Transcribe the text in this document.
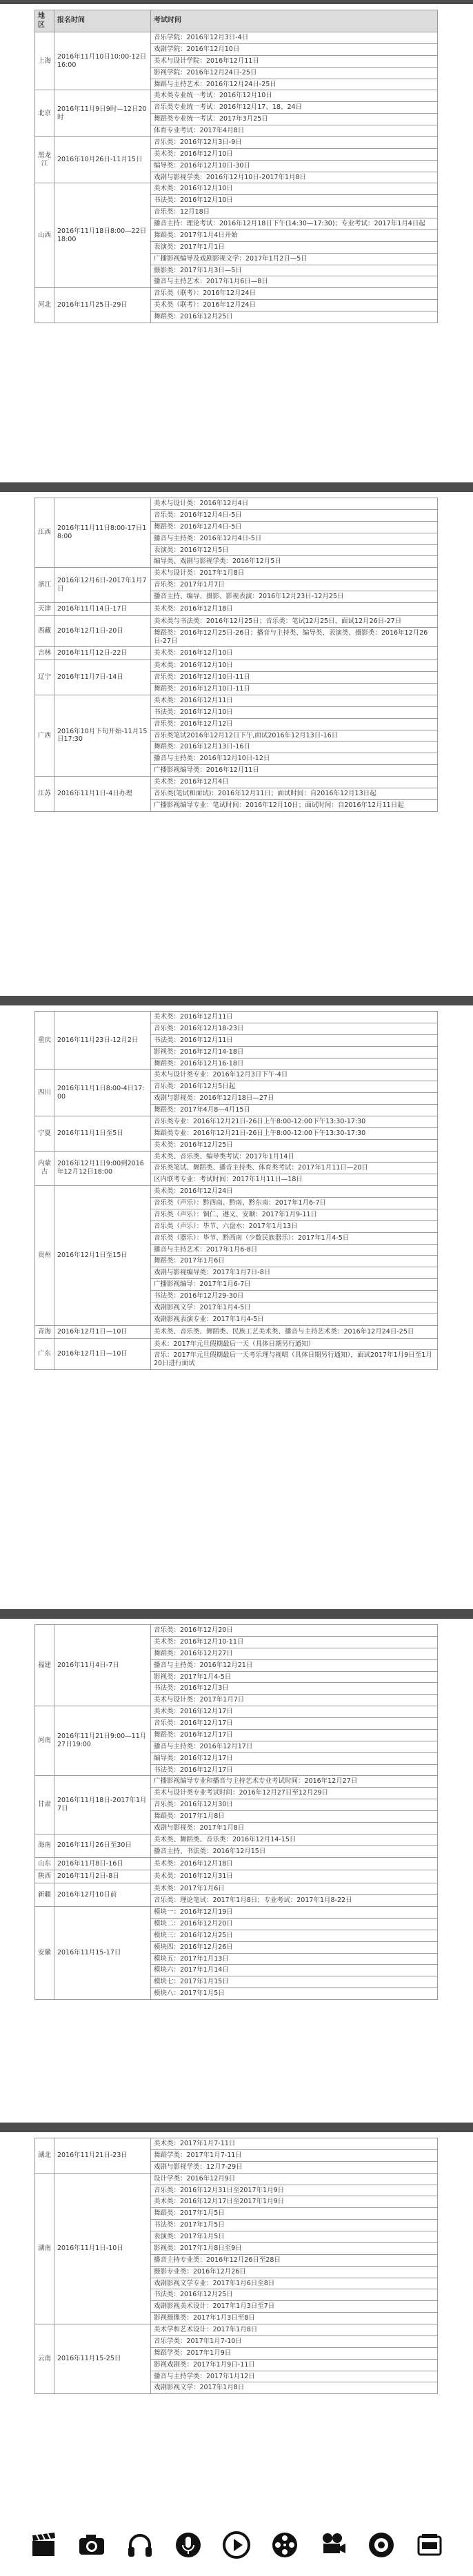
地区	报名时间	考试时间
上海	2016年11月10日10:00-12日16:00	音乐学院：2016年12月3日-4日
		戏剧学院：2016年12月10日
		美术与设计学院：2016年12月11日
		影视学院：2016年12月24日-25日
		舞蹈与主持艺术：2016年12月24日-25日
北京	2016年11月9日9时—12日20时	美术类专业统一考试：2016年12月10日
		音乐类专业统一考试：2016年12月17、18、24日
		舞蹈类专业统一考试：2017年3月25日
		体育专业考试：2017年4月8日
黑龙江	2016年10月26日-11月15日	音乐类：2016年12月3日-9日
		美术类：2016年12月10日
		编导类：2016年12月10日-30日
		戏剧与影视学类：2016年12月10日-2017年1月8日
山西	2016年11月18日8:00—22日18:00	美术类：2016年12月10日
		书法类：2016年12月10日
		音乐类：12月18日
		播音主持：理论考试：2016年12月18日下午(14:30—17:30)；专业考试：2017年1月4日起
		舞蹈类：2017年1月4日开始
		表演类：2017年1月1日
		广播影视编导及戏剧影视文学：2017年1月2日—5日
		摄影类：2017年1月3日—5日
		播音与主持艺术：2017年1月6日—8日
河北	2016年11月25日-29日	音乐类（联考）：2016年12月24日
		美术类（联考）：2016年12月24日
		舞蹈类：2016年12月25日
江西	2016年11月11日8:00-17日18:00	美术与设计类：2016年12月4日
		音乐类：2016年12月4日-5日
		舞蹈类：2016年12月4日-5日
		播音与主持类：2016年12月4日-5日
		表演类：2016年12月5日
		编导类、戏剧与影视学类：2016年12月5日
浙江	2016年12月6日-2017年1月7日	美术与设计类：2017年1月8日
		音乐类：2017年1月7日
		播音主持、编导、摄影、影视表演：2016年12月23日-12月25日
天津	2016年11月14日-17日	美术类：2016年12月18日
西藏	2016年12月1日-20日	美术类与书法类：2016年12月25日；音乐类：笔试12月25日、面试12月26日-27日
		舞蹈类：2016年12月25日-26日；播音与主持类、编导类、表演类、摄影类：2016年12月26日-27日
吉林	2016年11月12日-22日	美术类：2016年12月10日
辽宁	2016年11月7日-14日	美术类：2016年12月10日
		音乐类：2016年12月10日-11日
		舞蹈类：2016年12月10日-11日
广西	2016年10月下旬开始-11月15日17:30	美术类：2016年12月11日
		书法类：2016年12月10日
		音乐类：2016年12月12日
		音乐类笔试2016年12月12日下午,面试2016年12月13日-16日
		舞蹈类：2016年12月13日-16日
		播音与主持类：2016年12月10日-12日
		广播影视编导类：2016年12月11日
江苏	2016年11月1日-4日办理	美术类：2016年12月4日
		音乐类(笔试和面试)：2016年12月11日；面试时间：自2016年12月13日起
		广播影视编导专业：笔试时间：2016年12月10日；面试时间：自2016年12月11日起
重庆	2016年11月23日-12月2日	美术类：2016年12月11日
		音乐类：2016年12月18-23日
		书法类：2016年12月11日
		影视类：2016年12月14-18日
		舞蹈类：2016年12月16-18日
四川	2016年11月1日8:00-4日17:00	美术与设计类专业：2016年12月3日下午-4日
		音乐类：2016年12月5日起
		戏剧与影视类：2016年12月18日—27日
		舞蹈类：2017年4月8—4月15日
宁夏	2016年11月1日至5日	音乐类专业：2016年12月21日-26日上午8:00-12:00下午13:30-17:30
		舞蹈类专业：2016年12月21日-26日上午8:00-12:00下午13:30-17:30
		美术类：2016年12月25日
内蒙古	2016年12月1日9:00到2016年12月12日18:00	美术类、音乐类、编导类考试：2017年1月14日
		音乐类笔试、舞蹈类、播音主持类、体育类考试：2017年1月11日—20日
		区内联考专业：考试时间：2017年1月11日—18日
贵州	2016年12月1日至15日	美术类：2016年12月24日
		音乐类（声乐）：黔西南、黔南、黔东南：2017年1月6-7日
		音乐类（声乐）：铜仁、遵义、安顺：2017年1月9-11日
		音乐类（声乐）：毕节、六盘水：2017年1月13日
		音乐类（器乐）：毕节、黔西南（少数民族器乐）：2017年1月4-5日
		播音与主持艺术：2017年1月6-8日
		舞蹈类：2017年1月6日
		戏剧与影视编导类：2017年1月7日-8日
		广播影视编导：2017年1月6-7日
		书法类：2016年12月29-30日
		戏剧影视文学：2017年1月4-5日
		戏剧影视表演专业：2017年1月4-5日
青海	2016年12月1日—10日	美术类、音乐类、舞蹈类、民族工艺美术类、播音与主持艺术类：2016年12月24日-25日
广东	2016年12月1日—10日	美术：2017年元旦假期最后一天（具体日期另行通知）
		音乐：2017年元旦假期最后一天考乐理与视唱（具体日期另行通知），面试2017年1月9日至1月20日进行面试
福建	2016年11月4日-7日	音乐类：2016年12月20日
		美术类：2016年12月10-11日
		舞蹈类：2016年12月27日
		播音与主持类：2016年12月21日
		影视类：2017年1月4-5日
		书法类：2016年12月3日
		美术与设计类：2017年1月7日
河南	2016年11月21日9:00—11月27日19:00	美术类：2016年12月17日
		音乐类：2016年12月17日
		舞蹈类：2016年12月17日
		播音与主持类：2016年12月17日
		编导类：2016年12月17日
		书法类：2016年12月17日
甘肃	2016年11月18日-2017年1月7日	广播影视编导专业和播音与主持艺术专业考试时间：2016年12月27日
		美术与设计类专业考试时间：2016年12月27日至12月29日
		音乐类：2016年12月30日
		舞蹈类：2017年1月8日
		戏剧与影视类：2017年1月8日
海南	2016年11月26日至30日	美术类、舞蹈类、音乐类：2016年12月14-15日
		播音主持、书法类：2016年12月15日
山东	2016年11月8日-16日	美术类：2016年12月18日
陕西	2016年11月2日-8日	美术类：2016年12月31日
新疆	2016年12月10日前	美术类：2017年1月6日
		音乐类：理论笔试：2017年1月8日；专业考试：2017年1月8-22日
安徽	2016年11月15-17日	模块一：2016年12月19日
		模块二：2016年12月20日
		模块三：2016年12月25日
		模块四：2016年12月26日
		模块五：2017年1月13日
		模块六：2017年1月14日
		模块七：2017年1月15日
		模块八：2017年1月5日
湖北	2016年11月21日-23日	美术类：2017年1月7-11日
		舞蹈学类：2017年1月7-11日
		戏剧与影视学类：12月7-29日
湖南	2016年11月1日-10日	设计学类：2016年12月9日
		音乐类：2016年12月31日至2017年1月9日
		美术类：2016年12月17日至2017年1月9日
		舞蹈类：2017年1月5日
		书法类：2017年1月5日
		表演类：2017年1月5日
		影视类：2017年1月8日至9日
		播音主持专业类：2016年12月26日至28日
		摄影专业类：2016年12月26日
		戏剧影视文学专业：2017年1月6日至8日
		书法类：2016年12月25日
		戏剧影视美术设计：2017年1月3日至7日
		影视摄像类：2017年1月3日至8日
云南	2016年11月15-25日	美术学和艺术设计：2017年1月8日
		音乐学类：2017年1月7-10日
		舞蹈学类：2017年1月9日
		影视戏剧类：2017年1月9日-11日
		播音与主持学类：2017年1月12日
		戏剧影视文学：2017年1月8日
